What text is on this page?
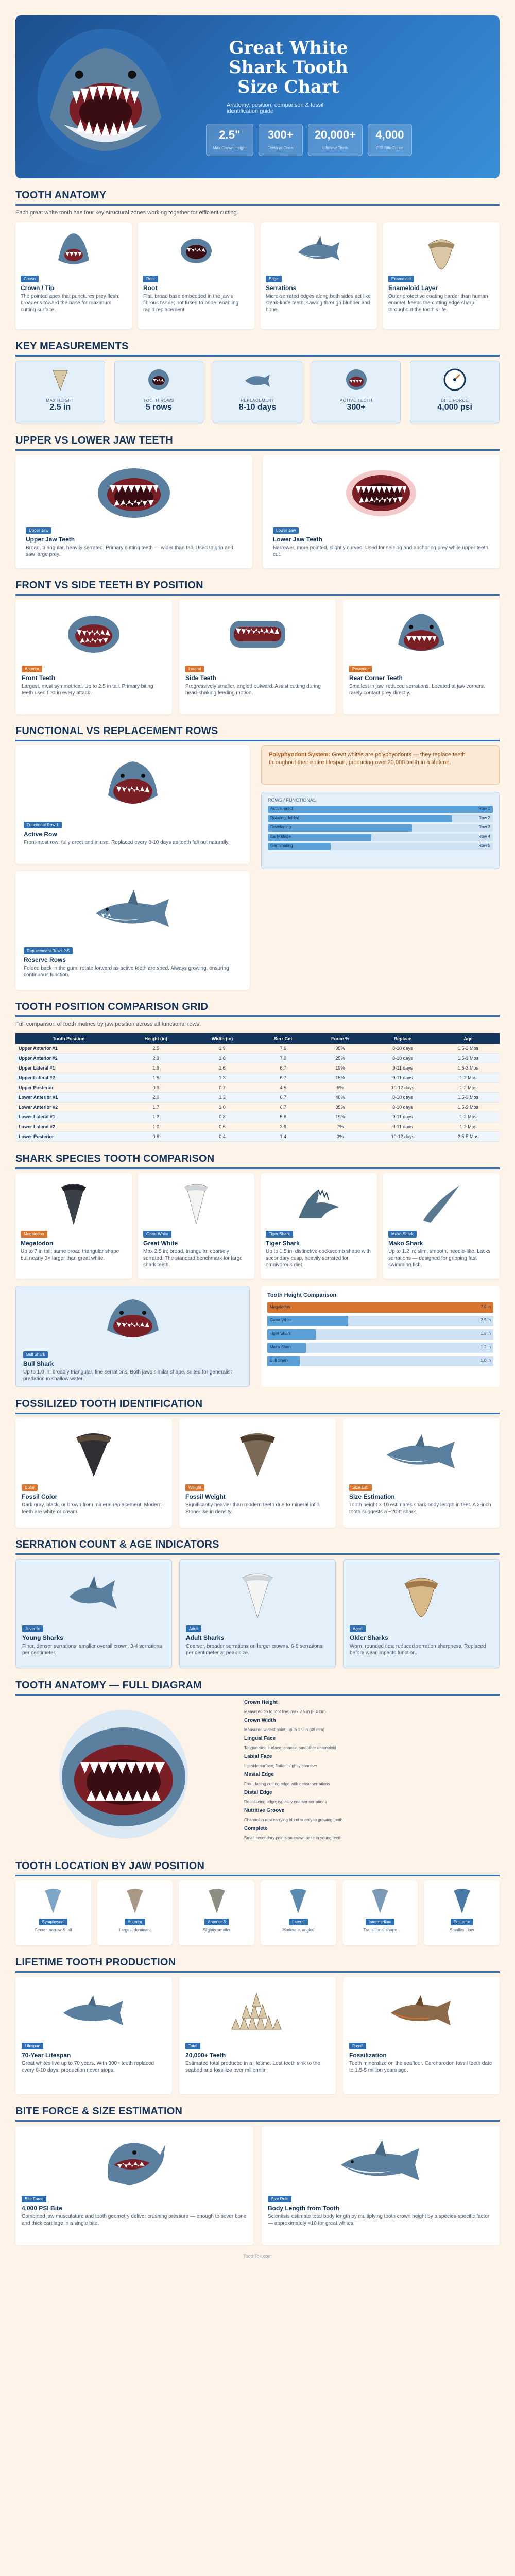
Great White Shark Tooth Size Chart

Anatomy, position, comparison & fossil identification guide

2.5"
Max Crown Height
300+
Teeth at Once
20,000+
Lifetime Teeth
4,000
PSI Bite Force
TOOTH ANATOMY
Each great white tooth has four key structural zones working together for efficient cutting.
Crown
Crown / Tip
The pointed apex that punctures prey flesh; broadens toward the base for maximum cutting surface.
Root
Root
Flat, broad base embedded in the jaw's fibrous tissue; not fused to bone, enabling rapid replacement.
Edge
Serrations
Micro-serrated edges along both sides act like steak-knife teeth, sawing through blubber and bone.
Enameloid
Enameloid Layer
Outer protective coating harder than human enamel, keeps the cutting edge sharp throughout the tooth's life.
KEY MEASUREMENTS
MAX HEIGHT
2.5 in
TOOTH ROWS
5 rows
REPLACEMENT
8-10 days
ACTIVE TEETH
300+
BITE FORCE
4,000 psi
UPPER VS LOWER JAW TEETH
Upper Jaw
Upper Jaw Teeth
Broad, triangular, heavily serrated. Primary cutting teeth — wider than tall. Used to grip and saw large prey.
Lower Jaw
Lower Jaw Teeth
Narrower, more pointed, slightly curved. Used for seizing and anchoring prey while upper teeth cut.
FRONT VS SIDE TEETH BY POSITION
Anterior
Front Teeth
Largest, most symmetrical. Up to 2.5 in tall. Primary biting teeth used first in every attack.
Lateral
Side Teeth
Progressively smaller, angled outward. Assist cutting during head-shaking feeding motion.
Posterior
Rear Corner Teeth
Smallest in jaw, reduced serrations. Located at jaw corners, rarely contact prey directly.
FUNCTIONAL VS REPLACEMENT ROWS
Functional Row 1
Active Row
Front-most row: fully erect and in use. Replaced every 8-10 days as teeth fall out naturally.
Replacement Rows 2-5
Reserve Rows
Folded back in the gum; rotate forward as active teeth are shed. Always growing, ensuring continuous function.
Polyphyodont System: Great whites are polyphyodonts — they replace teeth throughout their entire lifespan, producing over 20,000 teeth in a lifetime.
ROWS / FUNCTIONAL
Active, erect	Row 1
Rotating, folded	Row 2
Developing	Row 3
Early stage	Row 4
Germinating	Row 5
TOOTH POSITION COMPARISON GRID
Full comparison of tooth metrics by jaw position across all functional rows.
Tooth Position	Height (in)	Width (in)	Serr Cnt	Force %	Replace	Age
Upper Anterior #1	2.5	1.9	7.6	95%	8-10 days	1.5-3 Mos
Upper Anterior #2	2.3	1.8	7.0	25%	8-10 days	1.5-3 Mos
Upper Lateral #1	1.9	1.6	6.7	19%	9-11 days	1.5-3 Mos
Upper Lateral #2	1.5	1.3	6.7	15%	9-11 days	1-2 Mos
Upper Posterior	0.9	0.7	4.5	5%	10-12 days	1-2 Mos
Lower Anterior #1	2.0	1.3	6.7	40%	8-10 days	1.5-3 Mos
Lower Anterior #2	1.7	1.0	6.7	35%	8-10 days	1.5-3 Mos
Lower Lateral #1	1.2	0.8	5.6	19%	9-11 days	1-2 Mos
Lower Lateral #2	1.0	0.6	3.9	7%	9-11 days	1-2 Mos
Lower Posterior	0.6	0.4	1.4	3%	10-12 days	2.5-5 Mos
SHARK SPECIES TOOTH COMPARISON
Megalodon
Megalodon
Up to 7 in tall; same broad triangular shape but nearly 3× larger than great white.
Great White
Great White
Max 2.5 in; broad, triangular, coarsely serrated. The standard benchmark for large shark teeth.
Tiger Shark
Tiger Shark
Up to 1.5 in; distinctive cockscomb shape with secondary cusp, heavily serrated for omnivorous diet.
Mako Shark
Mako Shark
Up to 1.2 in; slim, smooth, needle-like. Lacks serrations — designed for gripping fast swimming fish.
Bull Shark
Bull Shark
Up to 1.0 in; broadly triangular, fine serrations. Both jaws similar shape, suited for generalist predation in shallow water.
Tooth Height Comparison
Megalodon	7.0 in
Great White	2.5 in
Tiger Shark	1.5 in
Mako Shark	1.2 in
Bull Shark	1.0 in
FOSSILIZED TOOTH IDENTIFICATION
Color
Fossil Color
Dark gray, black, or brown from mineral replacement. Modern teeth are white or cream.
Weight
Fossil Weight
Significantly heavier than modern teeth due to mineral infill. Stone-like in density.
Size Est.
Size Estimation
Tooth height × 10 estimates shark body length in feet. A 2-inch tooth suggests a ~20-ft shark.
SERRATION COUNT & AGE INDICATORS
Juvenile
Young Sharks
Finer, denser serrations; smaller overall crown. 3-4 serrations per centimeter.
Adult
Adult Sharks
Coarser, broader serrations on larger crowns. 6-8 serrations per centimeter at peak size.
Aged
Older Sharks
Worn, rounded tips; reduced serration sharpness. Replaced before wear impacts function.
TOOTH ANATOMY — FULL DIAGRAM
Crown Height
Measured tip to root line; max 2.5 in (6.4 cm)
Crown Width
Measured widest point; up to 1.9 in (48 mm)
Lingual Face
Tongue-side surface; convex, smoother enameloid
Labial Face
Lip-side surface; flatter, slightly concave
Mesial Edge
Front-facing cutting edge with dense serrations
Distal Edge
Rear-facing edge; typically coarser serrations
Nutritive Groove
Channel in root carrying blood supply to growing tooth
Complete
Small secondary points on crown base in young teeth
TOOTH LOCATION BY JAW POSITION
Symphyseal
Center, narrow & tall
Anterior
Largest dominant
Anterior 3
Slightly smaller
Lateral
Moderate, angled
Intermediate
Transitional shape
Posterior
Smallest, low
LIFETIME TOOTH PRODUCTION
Lifespan
70-Year Lifespan
Great whites live up to 70 years. With 300+ teeth replaced every 8-10 days, production never stops.
Total
20,000+ Teeth
Estimated total produced in a lifetime. Lost teeth sink to the seabed and fossilize over millennia.
Fossil
Fossilization
Teeth mineralize on the seafloor. Carcharodon fossil teeth date to 1.5-5 million years ago.
BITE FORCE & SIZE ESTIMATION
Bite Force
4,000 PSI Bite
Combined jaw musculature and tooth geometry deliver crushing pressure — enough to sever bone and thick cartilage in a single bite.
Size Rule
Body Length from Tooth
Scientists estimate total body length by multiplying tooth crown height by a species-specific factor — approximately ×10 for great whites.
ToothTok.com
